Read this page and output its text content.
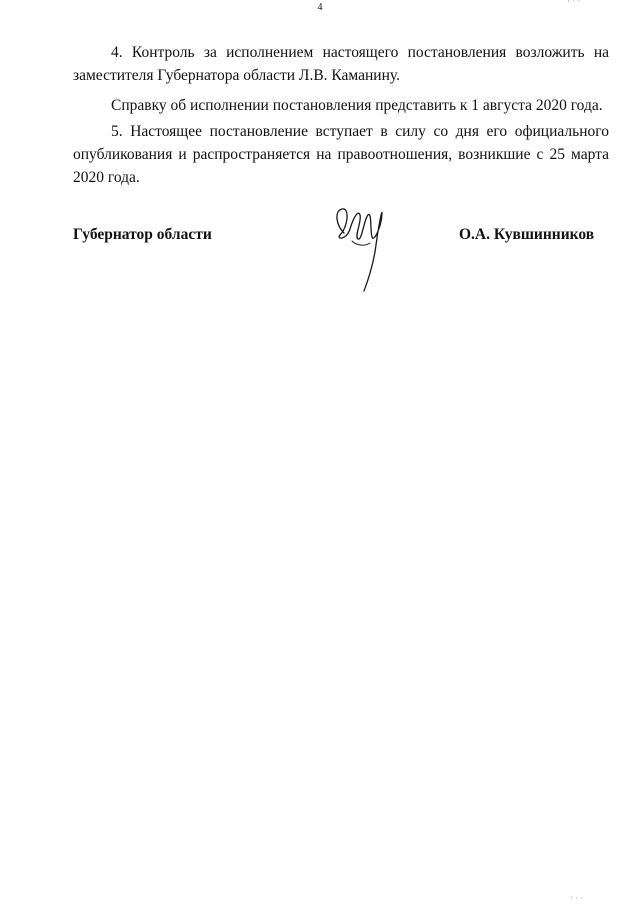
· · ·
4

4. Контроль за исполнением настоящего постановления возложить на заместителя Губернатора области Л.В. Каманину.

Справку об исполнении постановления представить к 1 августа 2020 года.

5. Настоящее постановление вступает в силу со дня его официального опубликования и распространяется на правоотношения, возникшие с 25 марта 2020 года.

Губернатор области	О.А. Кувшинников
· · ·
